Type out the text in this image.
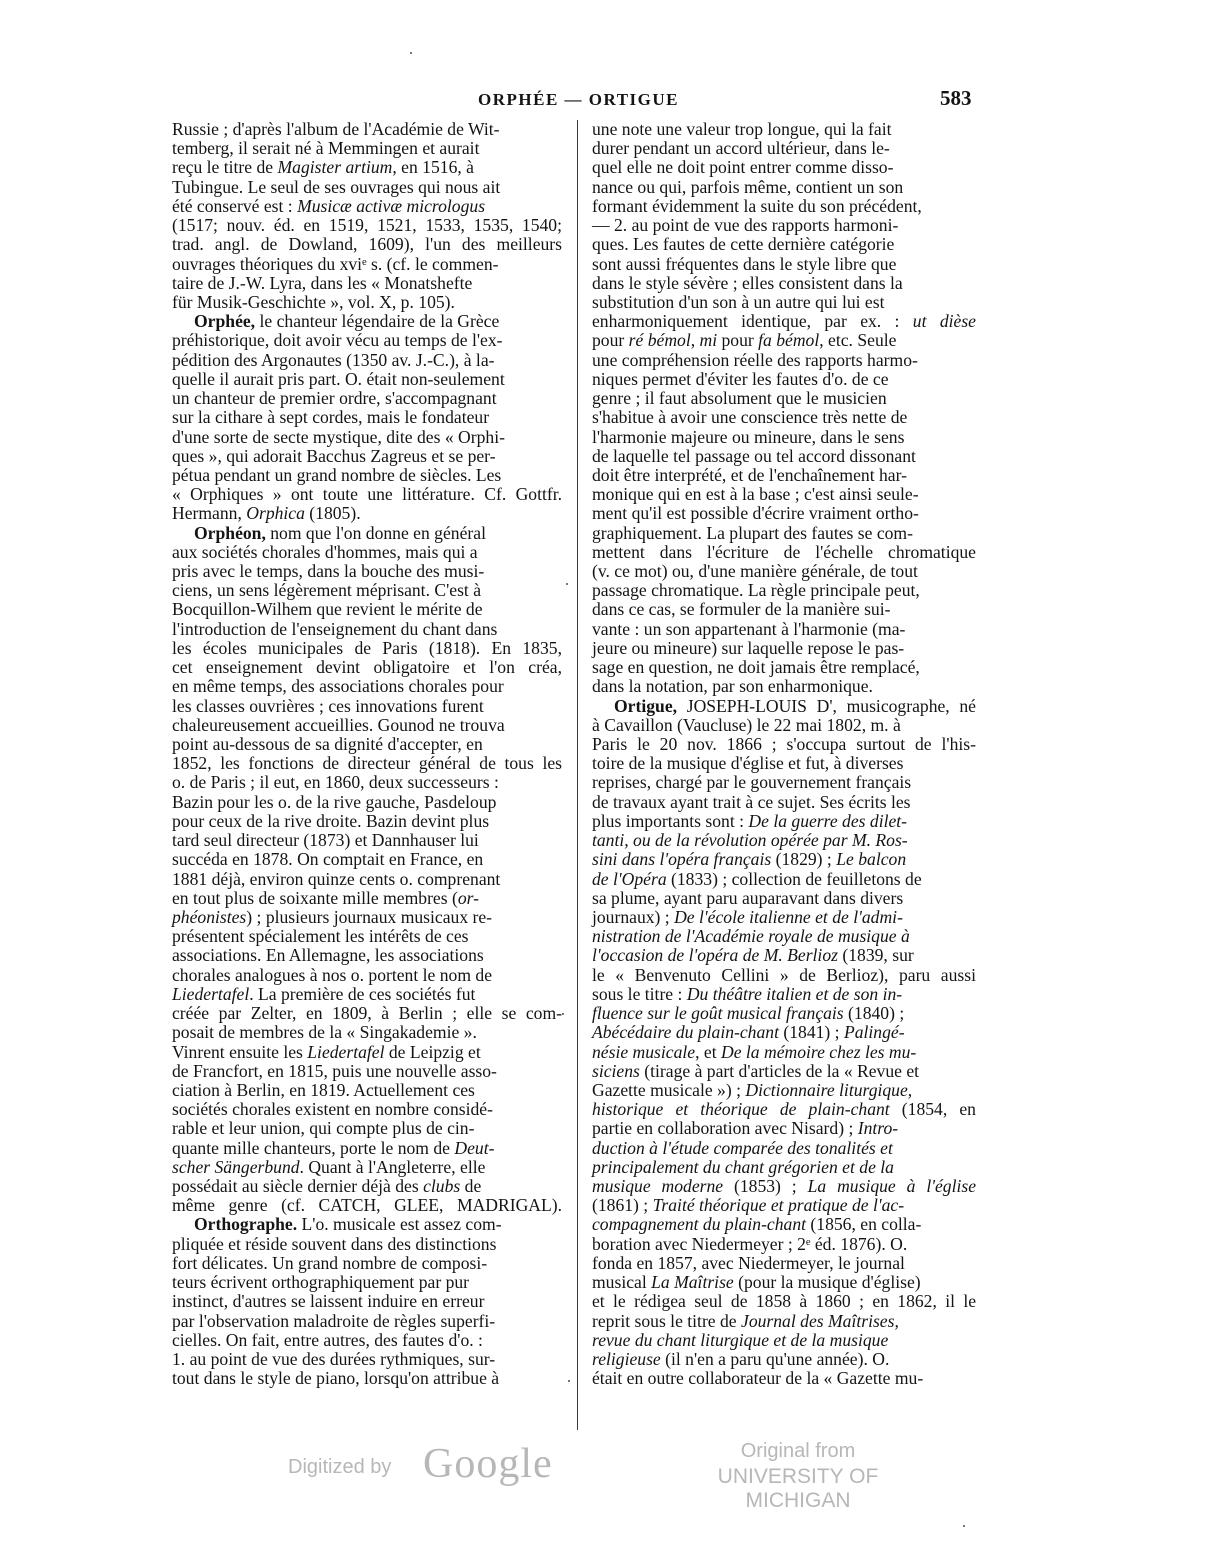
ORPHÉE — ORTIGUE	583
Russie ; d'après l'album de l'Académie de Wit-
temberg, il serait né à Memmingen et aurait
reçu le titre de Magister artium, en 1516, à
Tubingue. Le seul de ses ouvrages qui nous ait
été conservé est : Musicæ activæ micrologus
(1517; nouv. éd. en 1519, 1521, 1533, 1535, 1540;
trad. angl. de Dowland, 1609), l'un des meilleurs
ouvrages théoriques du xviᵉ s. (cf. le commen-
taire de J.-W. Lyra, dans les « Monatshefte
für Musik-Geschichte », vol. X, p. 105).
Orphée, le chanteur légendaire de la Grèce
préhistorique, doit avoir vécu au temps de l'ex-
pédition des Argonautes (1350 av. J.-C.), à la-
quelle il aurait pris part. O. était non-seulement
un chanteur de premier ordre, s'accompagnant
sur la cithare à sept cordes, mais le fondateur
d'une sorte de secte mystique, dite des « Orphi-
ques », qui adorait Bacchus Zagreus et se per-
pétua pendant un grand nombre de siècles. Les
« Orphiques » ont toute une littérature. Cf. Gottfr.
Hermann, Orphica (1805).
Orphéon, nom que l'on donne en général
aux sociétés chorales d'hommes, mais qui a
pris avec le temps, dans la bouche des musi-
ciens, un sens légèrement méprisant. C'est à
Bocquillon-Wilhem que revient le mérite de
l'introduction de l'enseignement du chant dans
les écoles municipales de Paris (1818). En 1835,
cet enseignement devint obligatoire et l'on créa,
en même temps, des associations chorales pour
les classes ouvrières ; ces innovations furent
chaleureusement accueillies. Gounod ne trouva
point au-dessous de sa dignité d'accepter, en
1852, les fonctions de directeur général de tous les
o. de Paris ; il eut, en 1860, deux successeurs :
Bazin pour les o. de la rive gauche, Pasdeloup
pour ceux de la rive droite. Bazin devint plus
tard seul directeur (1873) et Dannhauser lui
succéda en 1878. On comptait en France, en
1881 déjà, environ quinze cents o. comprenant
en tout plus de soixante mille membres (or-
phéonistes) ; plusieurs journaux musicaux re-
présentent spécialement les intérêts de ces
associations. En Allemagne, les associations
chorales analogues à nos o. portent le nom de
Liedertafel. La première de ces sociétés fut
créée par Zelter, en 1809, à Berlin ; elle se com-
posait de membres de la « Singakademie ».
Vinrent ensuite les Liedertafel de Leipzig et
de Francfort, en 1815, puis une nouvelle asso-
ciation à Berlin, en 1819. Actuellement ces
sociétés chorales existent en nombre considé-
rable et leur union, qui compte plus de cin-
quante mille chanteurs, porte le nom de Deut-
scher Sängerbund. Quant à l'Angleterre, elle
possédait au siècle dernier déjà des clubs de
même genre (cf. CATCH, GLEE, MADRIGAL).
Orthographe. L'o. musicale est assez com-
pliquée et réside souvent dans des distinctions
fort délicates. Un grand nombre de composi-
teurs écrivent orthographiquement par pur
instinct, d'autres se laissent induire en erreur
par l'observation maladroite de règles superfi-
cielles. On fait, entre autres, des fautes d'o. :
1. au point de vue des durées rythmiques, sur-
tout dans le style de piano, lorsqu'on attribue à
une note une valeur trop longue, qui la fait
durer pendant un accord ultérieur, dans le-
quel elle ne doit point entrer comme disso-
nance ou qui, parfois même, contient un son
formant évidemment la suite du son précédent,
— 2. au point de vue des rapports harmoni-
ques. Les fautes de cette dernière catégorie
sont aussi fréquentes dans le style libre que
dans le style sévère ; elles consistent dans la
substitution d'un son à un autre qui lui est
enharmoniquement identique, par ex. : ut dièse
pour ré bémol, mi pour fa bémol, etc. Seule
une compréhension réelle des rapports harmo-
niques permet d'éviter les fautes d'o. de ce
genre ; il faut absolument que le musicien
s'habitue à avoir une conscience très nette de
l'harmonie majeure ou mineure, dans le sens
de laquelle tel passage ou tel accord dissonant
doit être interprété, et de l'enchaînement har-
monique qui en est à la base ; c'est ainsi seule-
ment qu'il est possible d'écrire vraiment ortho-
graphiquement. La plupart des fautes se com-
mettent dans l'écriture de l'échelle chromatique
(v. ce mot) ou, d'une manière générale, de tout
passage chromatique. La règle principale peut,
dans ce cas, se formuler de la manière sui-
vante : un son appartenant à l'harmonie (ma-
jeure ou mineure) sur laquelle repose le pas-
sage en question, ne doit jamais être remplacé,
dans la notation, par son enharmonique.
Ortigue, JOSEPH-LOUIS D', musicographe, né
à Cavaillon (Vaucluse) le 22 mai 1802, m. à
Paris le 20 nov. 1866 ; s'occupa surtout de l'his-
toire de la musique d'église et fut, à diverses
reprises, chargé par le gouvernement français
de travaux ayant trait à ce sujet. Ses écrits les
plus importants sont : De la guerre des dilet-
tanti, ou de la révolution opérée par M. Ros-
sini dans l'opéra français (1829) ; Le balcon
de l'Opéra (1833) ; collection de feuilletons de
sa plume, ayant paru auparavant dans divers
journaux) ; De l'école italienne et de l'admi-
nistration de l'Académie royale de musique à
l'occasion de l'opéra de M. Berlioz (1839, sur
le « Benvenuto Cellini » de Berlioz), paru aussi
sous le titre : Du théâtre italien et de son in-
fluence sur le goût musical français (1840) ;
Abécédaire du plain-chant (1841) ; Palingé-
nésie musicale, et De la mémoire chez les mu-
siciens (tirage à part d'articles de la « Revue et
Gazette musicale ») ; Dictionnaire liturgique,
historique et théorique de plain-chant (1854, en
partie en collaboration avec Nisard) ; Intro-
duction à l'étude comparée des tonalités et
principalement du chant grégorien et de la
musique moderne (1853) ; La musique à l'église
(1861) ; Traité théorique et pratique de l'ac-
compagnement du plain-chant (1856, en colla-
boration avec Niedermeyer ; 2ᵉ éd. 1876). O.
fonda en 1857, avec Niedermeyer, le journal
musical La Maîtrise (pour la musique d'église)
et le rédigea seul de 1858 à 1860 ; en 1862, il le
reprit sous le titre de Journal des Maîtrises,
revue du chant liturgique et de la musique
religieuse (il n'en a paru qu'une année). O.
était en outre collaborateur de la « Gazette mu-
Digitized by Google	Original from
UNIVERSITY OF MICHIGAN
